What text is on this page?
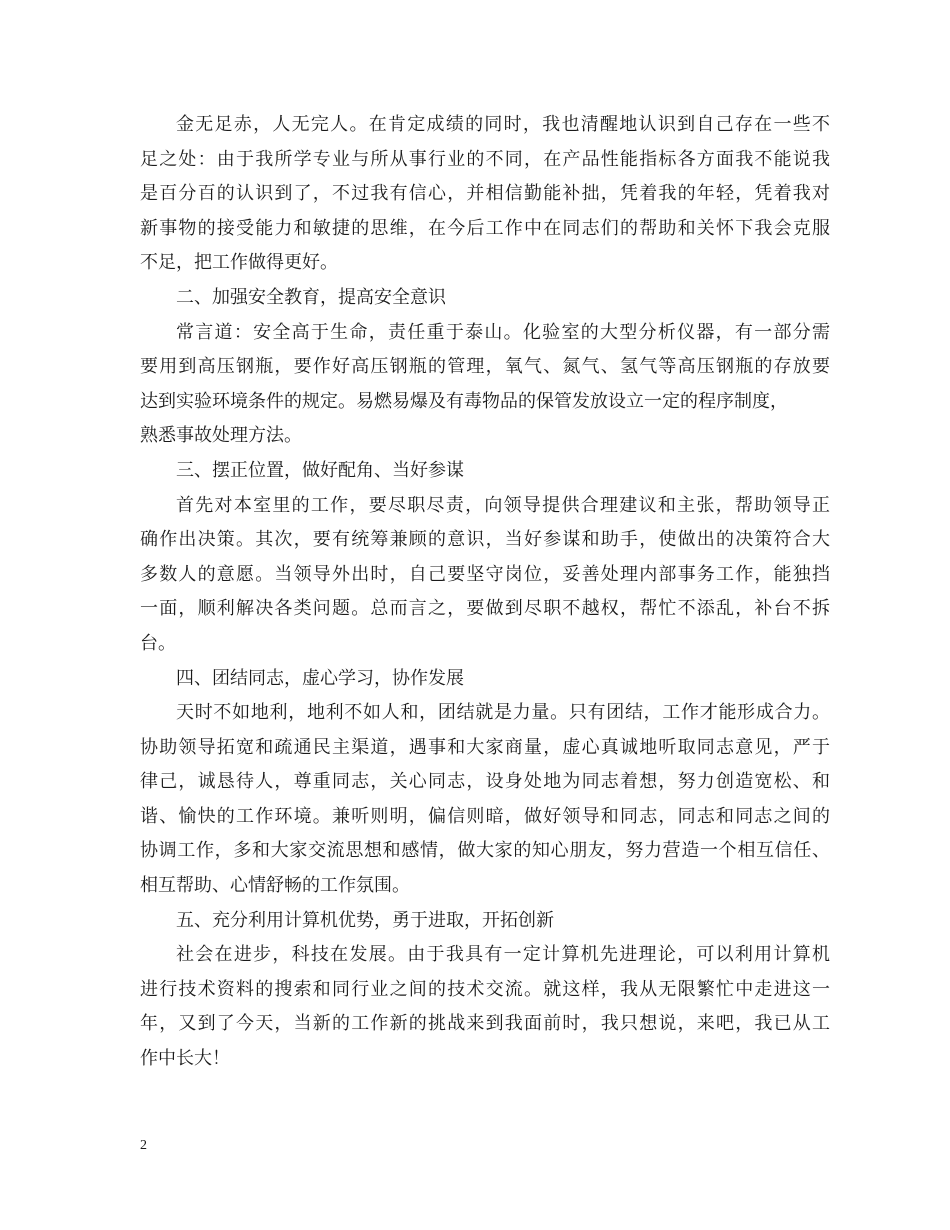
金无足赤，人无完人。在肯定成绩的同时，我也清醒地认识到自己存在一些不
足之处：由于我所学专业与所从事行业的不同，在产品性能指标各方面我不能说我
是百分百的认识到了，不过我有信心，并相信勤能补拙，凭着我的年轻，凭着我对
新事物的接受能力和敏捷的思维，在今后工作中在同志们的帮助和关怀下我会克服
不足，把工作做得更好。
二、加强安全教育，提高安全意识
常言道：安全高于生命，责任重于泰山。化验室的大型分析仪器，有一部分需
要用到高压钢瓶，要作好高压钢瓶的管理，氧气、氮气、氢气等高压钢瓶的存放要
达到实验环境条件的规定。易燃易爆及有毒物品的保管发放设立一定的程序制度，
熟悉事故处理方法。
三、摆正位置，做好配角、当好参谋
首先对本室里的工作，要尽职尽责，向领导提供合理建议和主张，帮助领导正
确作出决策。其次，要有统筹兼顾的意识，当好参谋和助手，使做出的决策符合大
多数人的意愿。当领导外出时，自己要坚守岗位，妥善处理内部事务工作，能独挡
一面，顺利解决各类问题。总而言之，要做到尽职不越权，帮忙不添乱，补台不拆
台。
四、团结同志，虚心学习，协作发展
天时不如地利，地利不如人和，团结就是力量。只有团结，工作才能形成合力。
协助领导拓宽和疏通民主渠道，遇事和大家商量，虚心真诚地听取同志意见，严于
律己，诚恳待人，尊重同志，关心同志，设身处地为同志着想，努力创造宽松、和
谐、愉快的工作环境。兼听则明，偏信则暗，做好领导和同志，同志和同志之间的
协调工作，多和大家交流思想和感情，做大家的知心朋友，努力营造一个相互信任、
相互帮助、心情舒畅的工作氛围。
五、充分利用计算机优势，勇于进取，开拓创新
社会在进步，科技在发展。由于我具有一定计算机先进理论，可以利用计算机
进行技术资料的搜索和同行业之间的技术交流。就这样，我从无限繁忙中走进这一
年，又到了今天，当新的工作新的挑战来到我面前时，我只想说，来吧，我已从工
作中长大！
2
